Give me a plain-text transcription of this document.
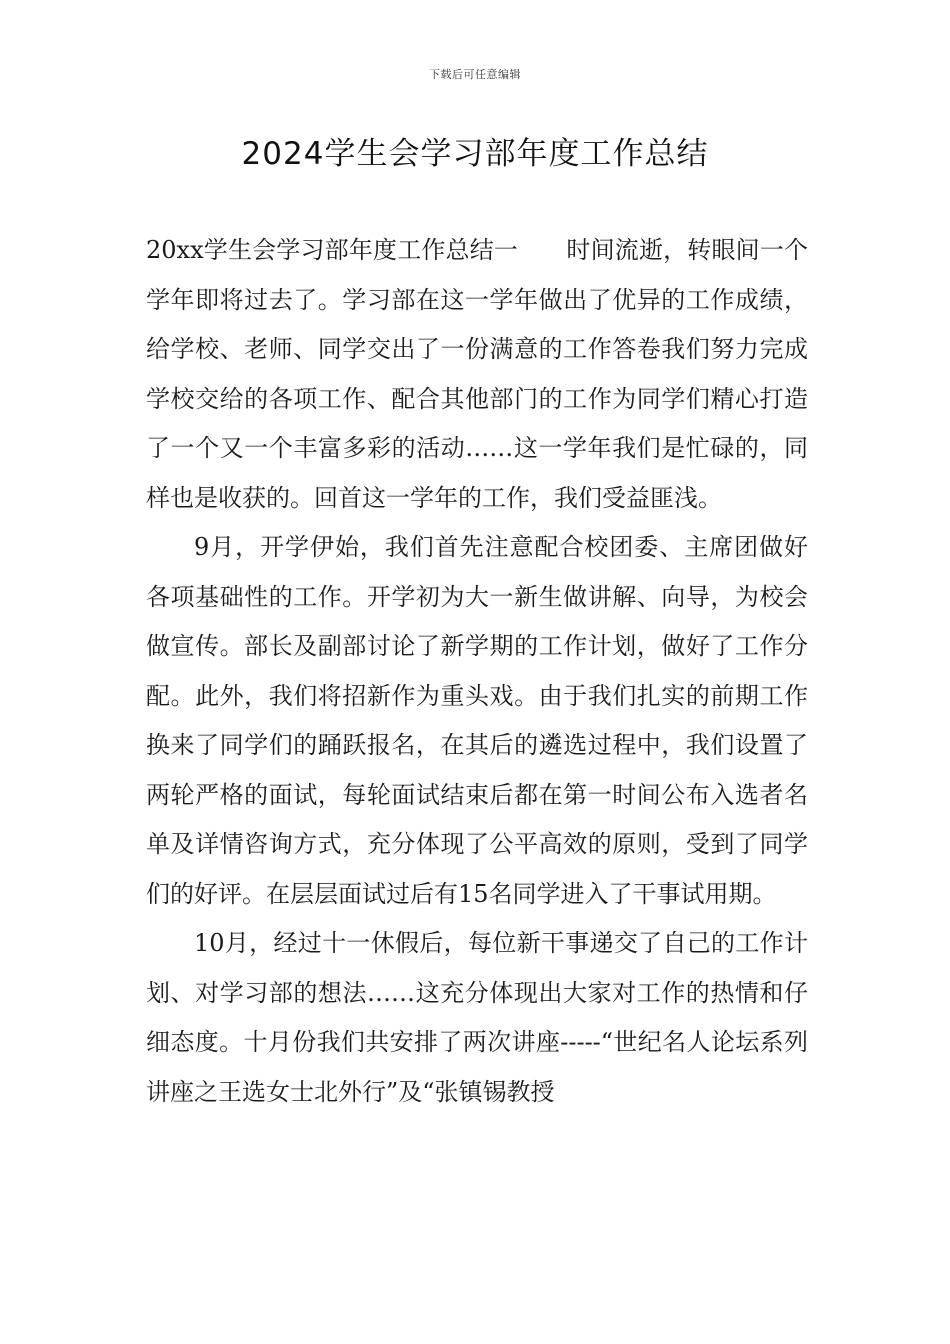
下载后可任意编辑
2024学生会学习部年度工作总结

20xx学生会学习部年度工作总结一　　时间流逝，转眼间一个学年即将过去了。学习部在这一学年做出了优异的工作成绩，给学校、老师、同学交出了一份满意的工作答卷我们努力完成学校交给的各项工作、配合其他部门的工作为同学们精心打造了一个又一个丰富多彩的活动……这一学年我们是忙碌的，同样也是收获的。回首这一学年的工作，我们受益匪浅。

9月，开学伊始，我们首先注意配合校团委、主席团做好各项基础性的工作。开学初为大一新生做讲解、向导，为校会做宣传。部长及副部讨论了新学期的工作计划，做好了工作分配。此外，我们将招新作为重头戏。由于我们扎实的前期工作换来了同学们的踊跃报名，在其后的遴选过程中，我们设置了两轮严格的面试，每轮面试结束后都在第一时间公布入选者名单及详情咨询方式，充分体现了公平高效的原则，受到了同学们的好评。在层层面试过后有15名同学进入了干事试用期。

10月，经过十一休假后，每位新干事递交了自己的工作计划、对学习部的想法……这充分体现出大家对工作的热情和仔细态度。十月份我们共安排了两次讲座-----“世纪名人论坛系列讲座之王选女士北外行”及“张镇锡教授
